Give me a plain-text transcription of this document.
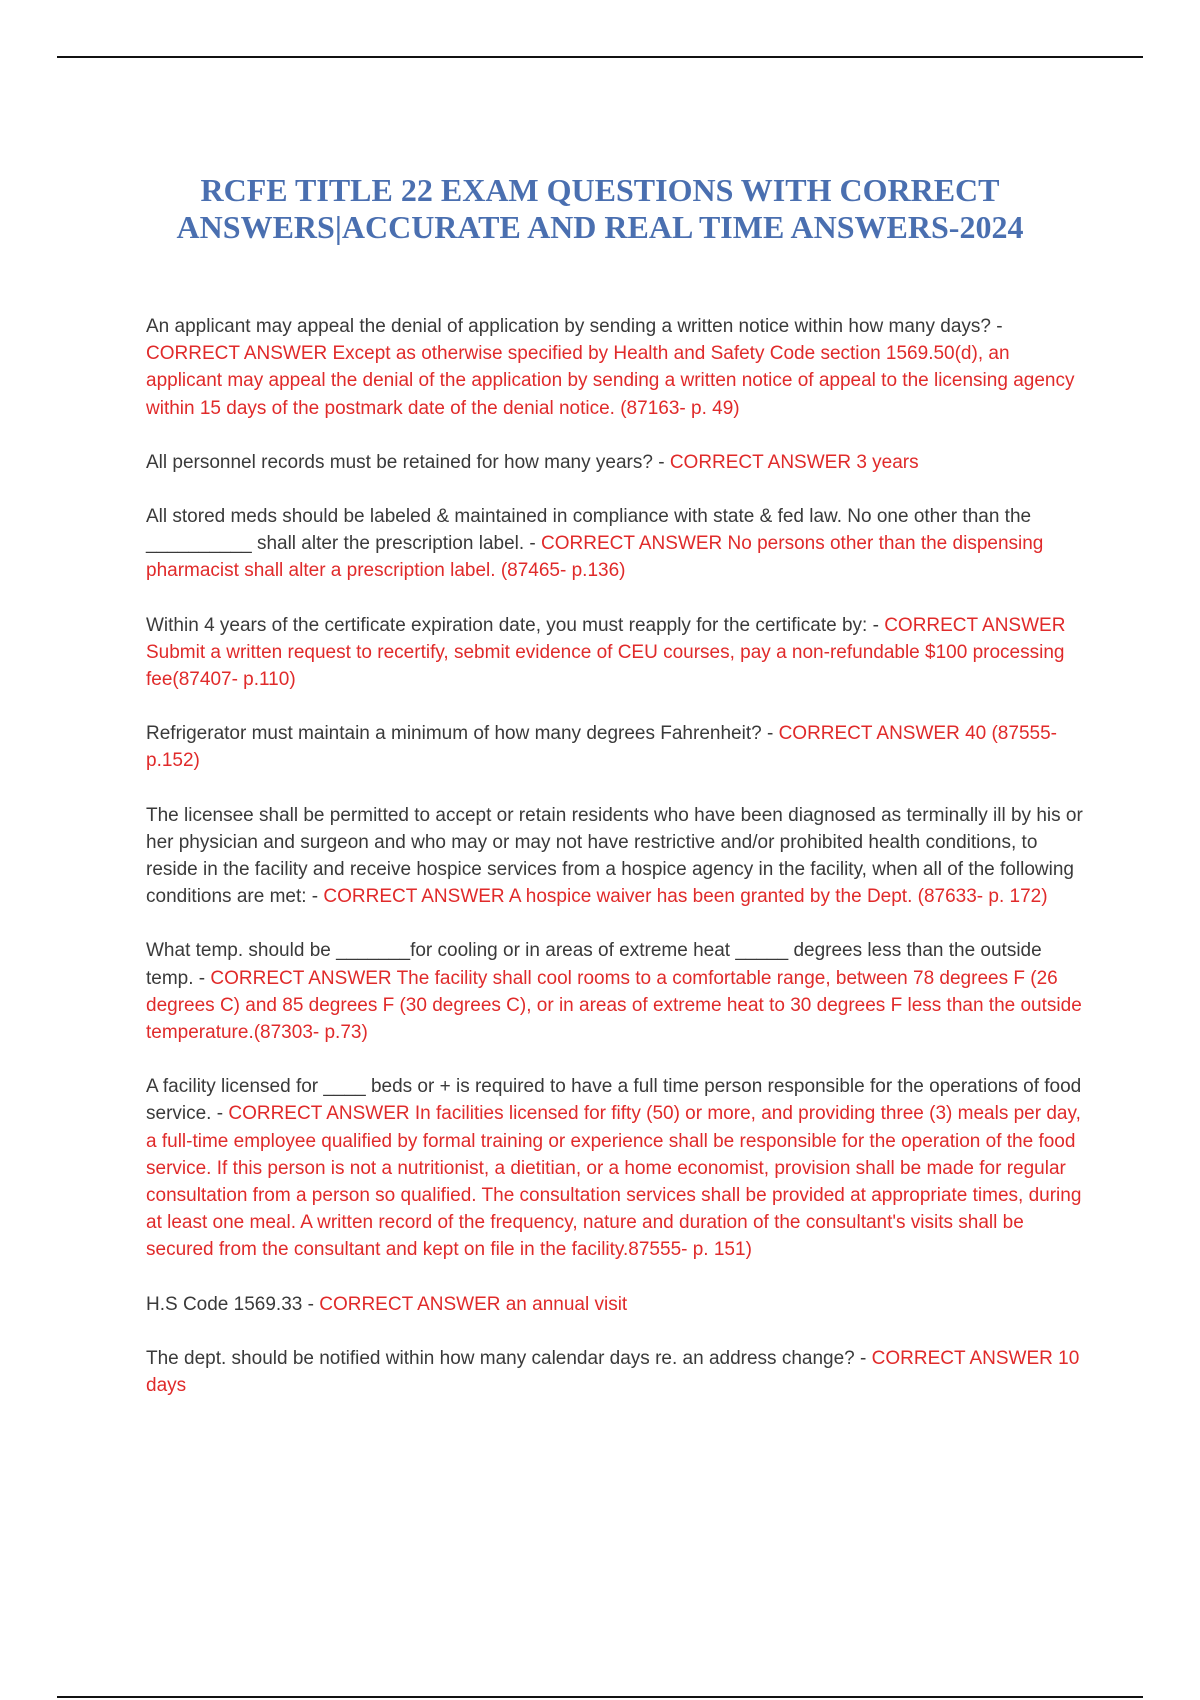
RCFE TITLE 22 EXAM QUESTIONS WITH CORRECT
ANSWERS|ACCURATE AND REAL TIME ANSWERS-2024

An applicant may appeal the denial of application by sending a written notice within how many days? - CORRECT ANSWER Except as otherwise specified by Health and Safety Code section 1569.50(d), an applicant may appeal the denial of the application by sending a written notice of appeal to the licensing agency within 15 days of the postmark date of the denial notice. (87163- p. 49)

All personnel records must be retained for how many years? - CORRECT ANSWER 3 years

All stored meds should be labeled & maintained in compliance with state & fed law. No one other than the __________ shall alter the prescription label. - CORRECT ANSWER No persons other than the dispensing pharmacist shall alter a prescription label. (87465- p.136)

Within 4 years of the certificate expiration date, you must reapply for the certificate by: - CORRECT ANSWER Submit a written request to recertify, sebmit evidence of CEU courses, pay a non-refundable $100 processing fee(87407- p.110)

Refrigerator must maintain a minimum of how many degrees Fahrenheit? - CORRECT ANSWER 40 (87555- p.152)

The licensee shall be permitted to accept or retain residents who have been diagnosed as terminally ill by his or her physician and surgeon and who may or may not have restrictive and/or prohibited health conditions, to reside in the facility and receive hospice services from a hospice agency in the facility, when all of the following conditions are met: - CORRECT ANSWER A hospice waiver has been granted by the Dept. (87633- p. 172)

What temp. should be _______for cooling or in areas of extreme heat _____ degrees less than the outside temp. - CORRECT ANSWER The facility shall cool rooms to a comfortable range, between 78 degrees F (26 degrees C) and 85 degrees F (30 degrees C), or in areas of extreme heat to 30 degrees F less than the outside temperature.(87303- p.73)

A facility licensed for ____ beds or + is required to have a full time person responsible for the operations of food service. - CORRECT ANSWER In facilities licensed for fifty (50) or more, and providing three (3) meals per day, a full-time employee qualified by formal training or experience shall be responsible for the operation of the food service. If this person is not a nutritionist, a dietitian, or a home economist, provision shall be made for regular consultation from a person so qualified. The consultation services shall be provided at appropriate times, during at least one meal. A written record of the frequency, nature and duration of the consultant's visits shall be secured from the consultant and kept on file in the facility.87555- p. 151)

H.S Code 1569.33 - CORRECT ANSWER an annual visit

The dept. should be notified within how many calendar days re. an address change? - CORRECT ANSWER 10 days
